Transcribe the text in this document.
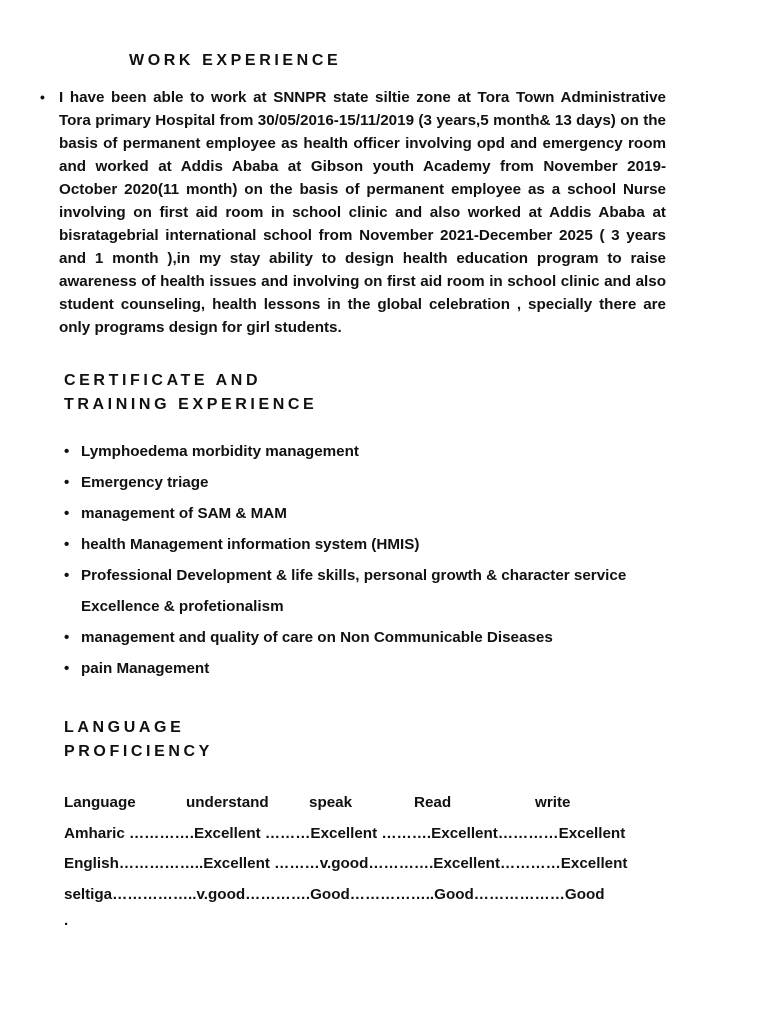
WORK EXPERIENCE
• I have been able to work at SNNPR state siltie zone at Tora Town Administrative Tora primary Hospital from 30/05/2016-15/11/2019 (3 years,5 month& 13 days) on the basis of permanent employee as health officer involving opd and emergency room and worked at Addis Ababa at Gibson youth Academy from November 2019- October 2020(11 month) on the basis of permanent employee as a school Nurse involving on first aid room in school clinic and also worked at Addis Ababa at bisratagebrial international school from November 2021-December 2025 ( 3 years and 1 month ),in my stay ability to design health education program to raise awareness of health issues and involving on first aid room in school clinic and also student counseling, health lessons in the global celebration , specially there are only programs design for girl students.

CERTIFICATE AND
TRAINING EXPERIENCE
• Lymphoedema morbidity management
• Emergency triage
• management of SAM & MAM
• health Management information system (HMIS)
• Professional Development & life skills, personal growth & character service Excellence & profetionalism
• management and quality of care on Non Communicable Diseases
• pain Management
LANGUAGE
PROFICIENCY
Language	understand	speak	Read	write
Amharic ………….Excellent ………Excellent ……….Excellent…………Excellent
English……………..Excellent ………v.good………….Excellent…………Excellent
seltiga……………..v.good………….Good……………..Good………………Good
.
